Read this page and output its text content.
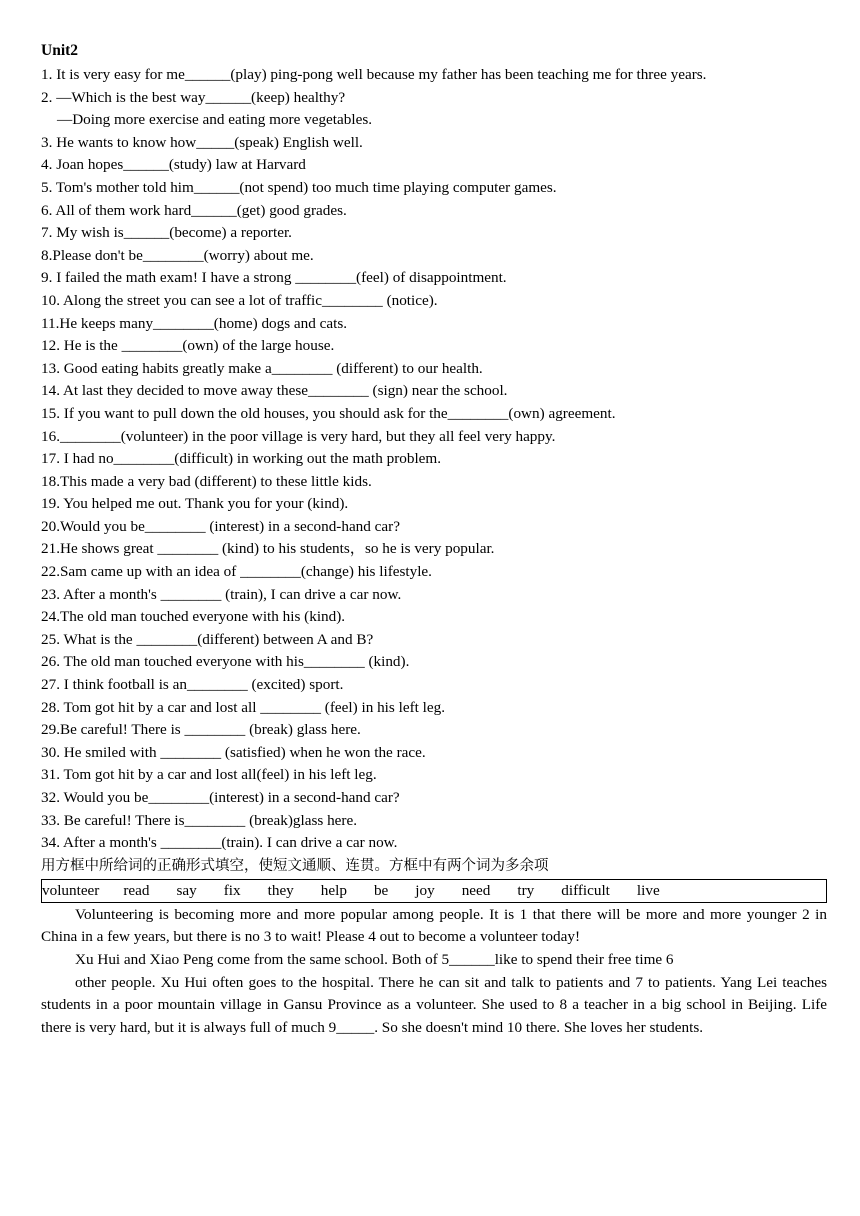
Unit2
1. It is very easy for me______(play) ping-pong well because my father has been teaching me for three years.
2. —Which is the best way______(keep) healthy?
—Doing more exercise and eating more vegetables.
3. He wants to know how_____(speak) English well.
4. Joan hopes______(study) law at Harvard
5. Tom's mother told him______(not spend) too much time playing computer games.
6. All of them work hard______(get) good grades.
7. My wish is______(become) a reporter.
8.Please don't be________(worry) about me.
9. I failed the math exam! I have a strong ________(feel) of disappointment.
10. Along the street you can see a lot of traffic________ (notice).
11.He keeps many________(home) dogs and cats.
12. He is the ________(own) of the large house.
13. Good eating habits greatly make a________ (different) to our health.
14. At last they decided to move away these________ (sign) near the school.
15. If you want to pull down the old houses, you should ask for the________(own) agreement.
16.________(volunteer) in the poor village is very hard, but they all feel very happy.
17. I had no________(difficult) in working out the math problem.
18.This made a very bad (different) to these little kids.
19. You helped me out. Thank you for your (kind).
20.Would you be________ (interest) in a second-hand car?
21.He shows great ________ (kind) to his students，so he is very popular.
22.Sam came up with an idea of ________(change) his lifestyle.
23. After a month's ________ (train), I can drive a car now.
24.The old man touched everyone with his (kind).
25. What is the ________(different) between A and B?
26. The old man touched everyone with his________ (kind).
27. I think football is an________ (excited) sport.
28. Tom got hit by a car and lost all ________ (feel) in his left leg.
29.Be careful! There is ________ (break) glass here.
30. He smiled with ________ (satisfied) when he won the race.
31. Tom got hit by a car and lost all(feel) in his left leg.
32. Would you be________(interest) in a second-hand car?
33. Be careful! There is________ (break)glass here.
34. After a month's ________(train). I can drive a car now.
用方框中所给词的正确形式填空，使短文通顺、连贯。方框中有两个词为多余项
volunteer read say fix they help be joy need try difficult live

Volunteering is becoming more and more popular among people. It is 1 that there will be more and more younger 2 in China in a few years, but there is no 3 to wait! Please 4 out to become a volunteer today!

Xu Hui and Xiao Peng come from the same school. Both of 5______like to spend their free time 6

other people. Xu Hui often goes to the hospital. There he can sit and talk to patients and 7 to patients. Yang Lei teaches students in a poor mountain village in Gansu Province as a volunteer. She used to 8 a teacher in a big school in Beijing. Life there is very hard, but it is always full of much 9_____. So she doesn't mind 10 there. She loves her students.
